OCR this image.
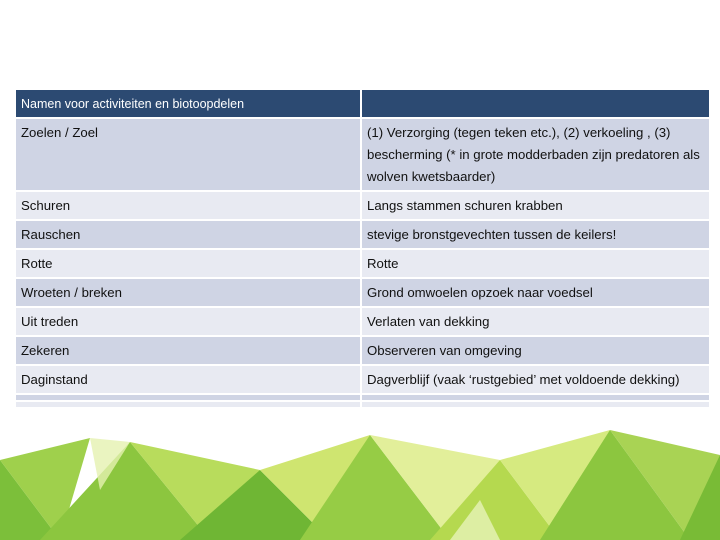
Namen voor activiteiten en biotoopdelen	
Zoelen / Zoel	(1) Verzorging (tegen teken etc.), (2) verkoeling , (3) bescherming (* in grote modderbaden zijn predatoren als wolven kwetsbaarder)
Schuren	Langs stammen schuren krabben
Rauschen	stevige bronstgevechten tussen de keilers!
Rotte	Rotte
Wroeten / breken	Grond omwoelen opzoek naar voedsel
Uit treden	Verlaten van dekking
Zekeren	Observeren van omgeving
Daginstand	Dagverblijf (vaak ‘rustgebied’ met voldoende dekking)
